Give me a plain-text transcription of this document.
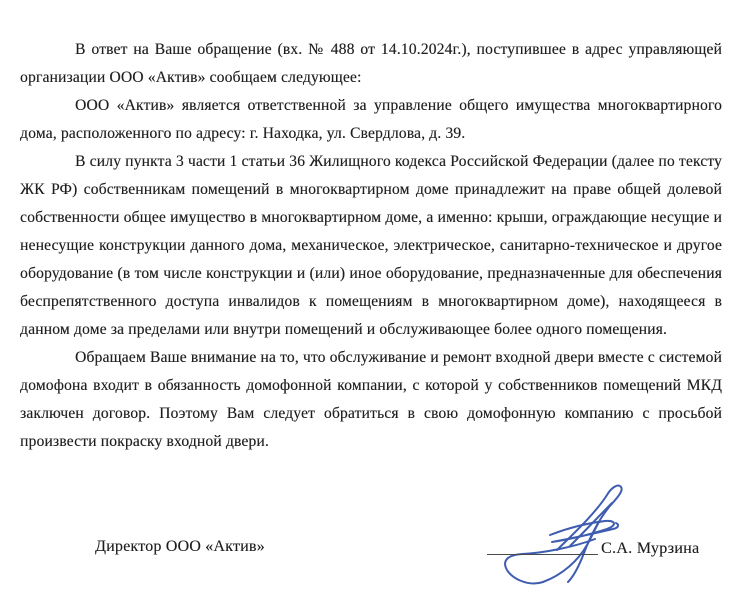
В ответ на Ваше обращение (вх. № 488 от 14.10.2024г.), поступившее в адрес управляющей организации ООО «Актив» сообщаем следующее:

ООО «Актив» является ответственной за управление общего имущества многоквартирного дома, расположенного по адресу: г. Находка, ул. Свердлова, д. 39.

В силу пункта 3 части 1 статьи 36 Жилищного кодекса Российской Федерации (далее по тексту ЖК РФ) собственникам помещений в многоквартирном доме принадлежит на праве общей долевой собственности общее имущество в многоквартирном доме, а именно: крыши, ограждающие несущие и ненесущие конструкции данного дома, механическое, электрическое, санитарно-техническое и другое оборудование (в том числе конструкции и (или) иное оборудование, предназначенные для обеспечения беспрепятственного доступа инвалидов к помещениям в многоквартирном доме), находящееся в данном доме за пределами или внутри помещений и обслуживающее более одного помещения.

Обращаем Ваше внимание на то, что обслуживание и ремонт входной двери вместе с системой домофона входит в обязанность домофонной компании, с которой у собственников помещений МКД заключен договор. Поэтому Вам следует обратиться в свою домофонную компанию с просьбой произвести покраску входной двери.

Директор ООО «Актив»	С.А. Мурзина
